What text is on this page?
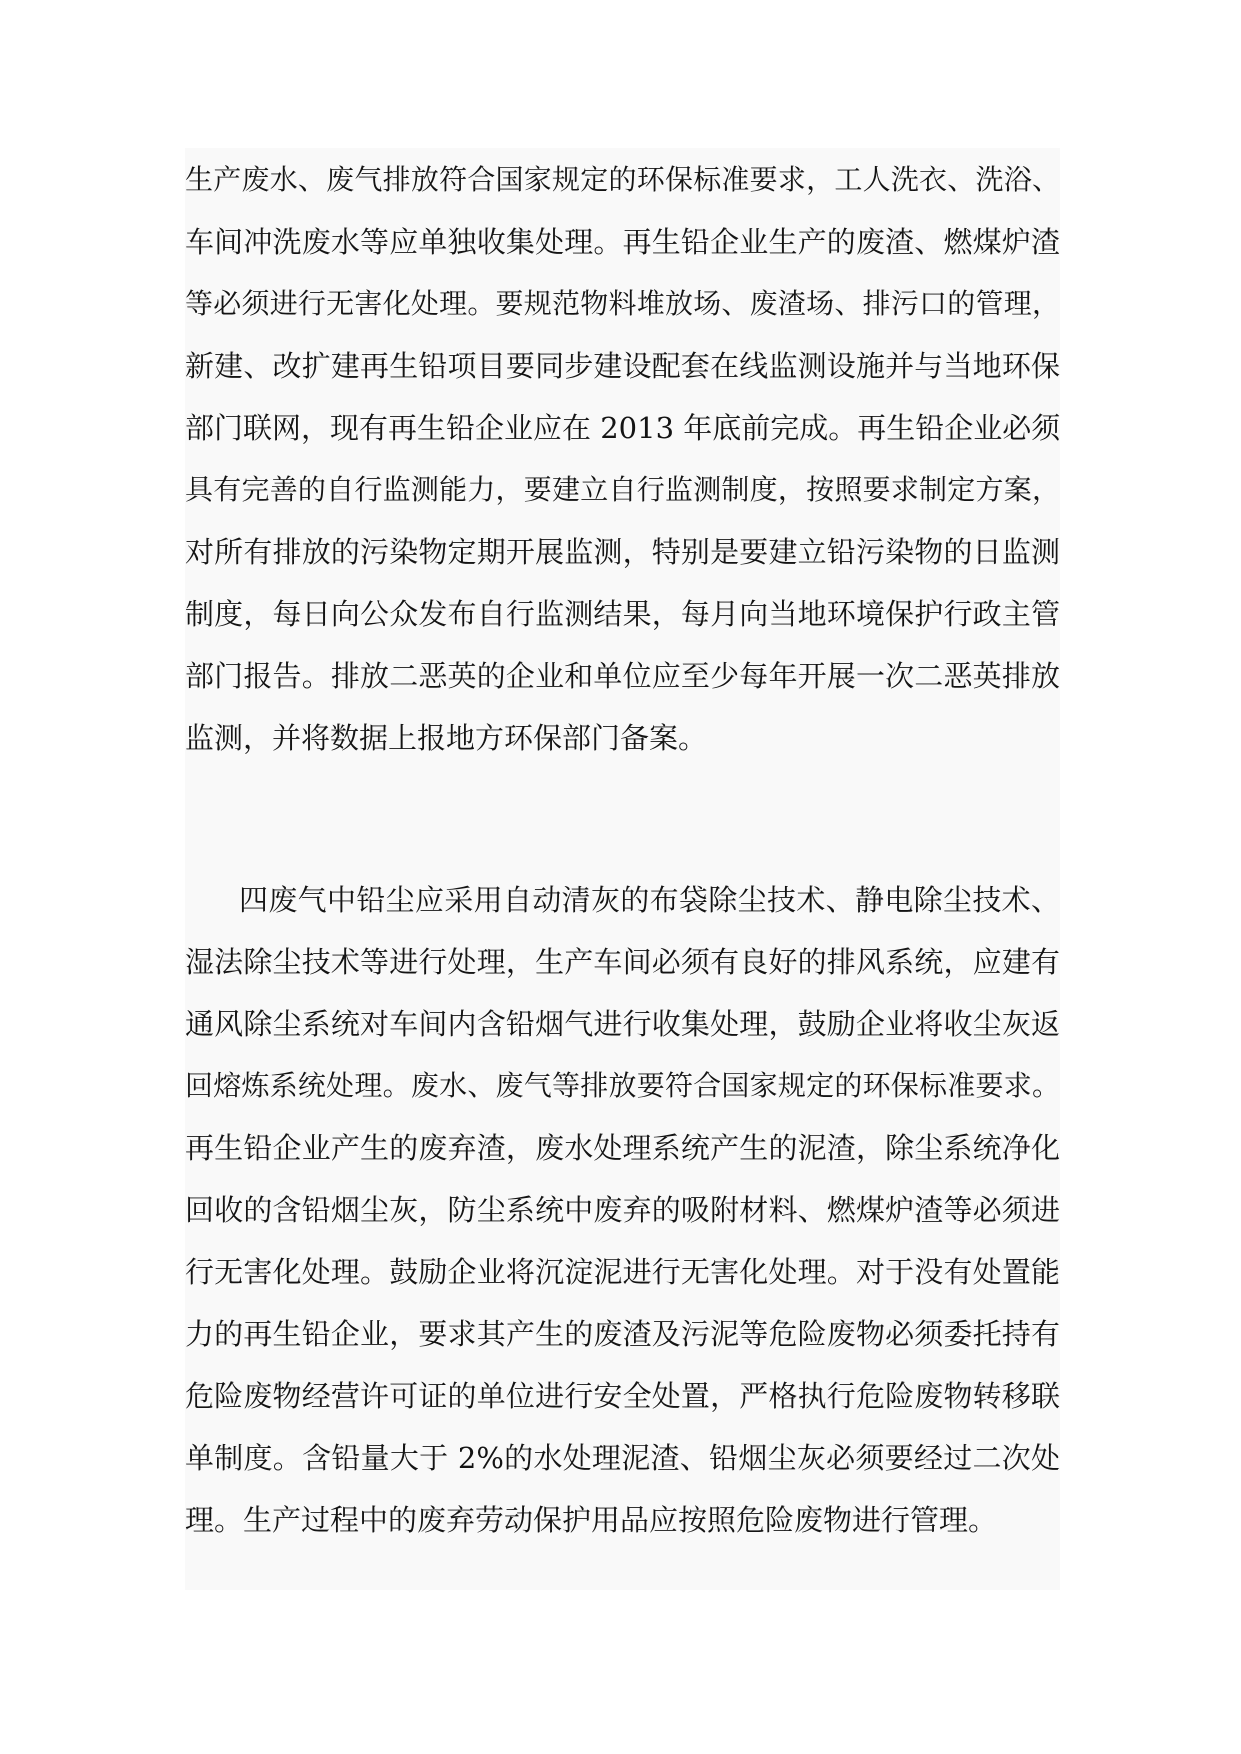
生产废水、废气排放符合国家规定的环保标准要求，工人洗衣、洗浴、
车间冲洗废水等应单独收集处理。再生铅企业生产的废渣、燃煤炉渣
等必须进行无害化处理。要规范物料堆放场、废渣场、排污口的管理，
新建、改扩建再生铅项目要同步建设配套在线监测设施并与当地环保
部门联网，现有再生铅企业应在 2013 年底前完成。再生铅企业必须
具有完善的自行监测能力，要建立自行监测制度，按照要求制定方案，
对所有排放的污染物定期开展监测，特别是要建立铅污染物的日监测
制度，每日向公众发布自行监测结果，每月向当地环境保护行政主管
部门报告。排放二恶英的企业和单位应至少每年开展一次二恶英排放
监测，并将数据上报地方环保部门备案。
四废气中铅尘应采用自动清灰的布袋除尘技术、静电除尘技术、
湿法除尘技术等进行处理，生产车间必须有良好的排风系统，应建有
通风除尘系统对车间内含铅烟气进行收集处理，鼓励企业将收尘灰返
回熔炼系统处理。废水、废气等排放要符合国家规定的环保标准要求。
再生铅企业产生的废弃渣，废水处理系统产生的泥渣，除尘系统净化
回收的含铅烟尘灰，防尘系统中废弃的吸附材料、燃煤炉渣等必须进
行无害化处理。鼓励企业将沉淀泥进行无害化处理。对于没有处置能
力的再生铅企业，要求其产生的废渣及污泥等危险废物必须委托持有
危险废物经营许可证的单位进行安全处置，严格执行危险废物转移联
单制度。含铅量大于 2%的水处理泥渣、铅烟尘灰必须要经过二次处
理。生产过程中的废弃劳动保护用品应按照危险废物进行管理。
